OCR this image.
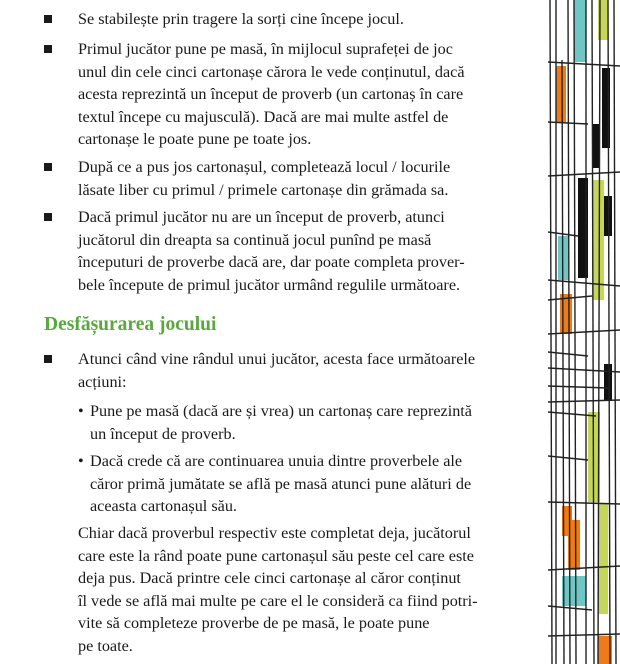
Se stabilește prin tragere la sorți cine începe jocul.
Primul jucător pune pe masă, în mijlocul suprafeței de joc
unul din cele cinci cartonașe cărora le vede conținutul, dacă
acesta reprezintă un început de proverb (un cartonaș în care
textul începe cu majusculă). Dacă are mai multe astfel de
cartonașe le poate pune pe toate jos.
După ce a pus jos cartonașul, completează locul / locurile
lăsate liber cu primul / primele cartonașe din grămada sa.
Dacă primul jucător nu are un început de proverb, atunci
jucătorul din dreapta sa continuă jocul punînd pe masă
începuturi de proverbe dacă are, dar poate completa prover-
bele începute de primul jucător urmând regulile următoare.
Desfășurarea jocului
Atunci când vine rândul unui jucător, acesta face următoarele
acțiuni:
• Pune pe masă (dacă are și vrea) un cartonaș care reprezintă
un început de proverb.
• Dacă crede că are continuarea unuia dintre proverbele ale
căror primă jumătate se află pe masă atunci pune alături de
aceasta cartonașul său.
Chiar dacă proverbul respectiv este completat deja, jucătorul
care este la rând poate pune cartonașul său peste cel care este
deja pus. Dacă printre cele cinci cartonașe al căror conținut
îl vede se află mai multe pe care el le consideră ca fiind potri-
vite să completeze proverbe de pe masă, le poate pune
pe toate.
